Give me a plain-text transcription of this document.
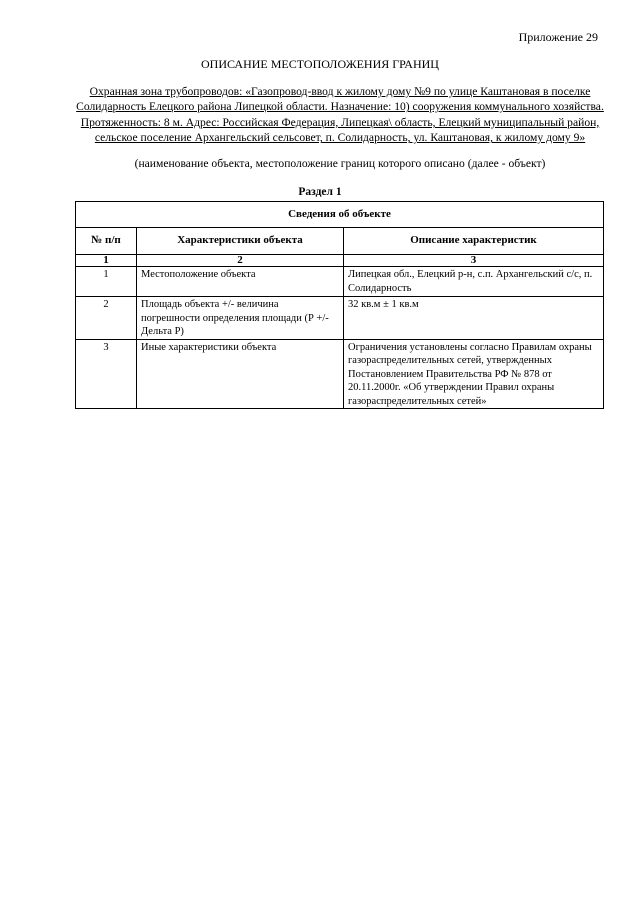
Приложение 29
ОПИСАНИЕ МЕСТОПОЛОЖЕНИЯ ГРАНИЦ
Охранная зона трубопроводов: «Газопровод-ввод к жилому дому №9 по улице Каштановая в поселке Солидарность Елецкого района Липецкой области. Назначение: 10) сооружения коммунального хозяйства. Протяженность: 8 м. Адрес: Российская Федерация, Липецкая\ область, Елецкий муниципальный район, сельское поселение Архангельский сельсовет, п. Солидарность, ул. Каштановая, к жилому дому 9»
(наименование объекта, местоположение границ которого описано (далее - объект)
Раздел 1
Сведения об объекте		
№ п/п	Характеристики объекта	Описание характеристик
1	2	3
1	Местоположение объекта	Липецкая обл., Елецкий р-н, с.п. Архангельский с/с, п. Солидарность
2	Площадь объекта +/- величина погрешности определения площади (Р +/- Дельта Р)	32 кв.м ± 1 кв.м
3	Иные характеристики объекта	Ограничения установлены согласно Правилам охраны газораспределительных сетей, утвержденных Постановлением Правительства РФ № 878 от 20.11.2000г. «Об утверждении Правил охраны газораспределительных сетей»
